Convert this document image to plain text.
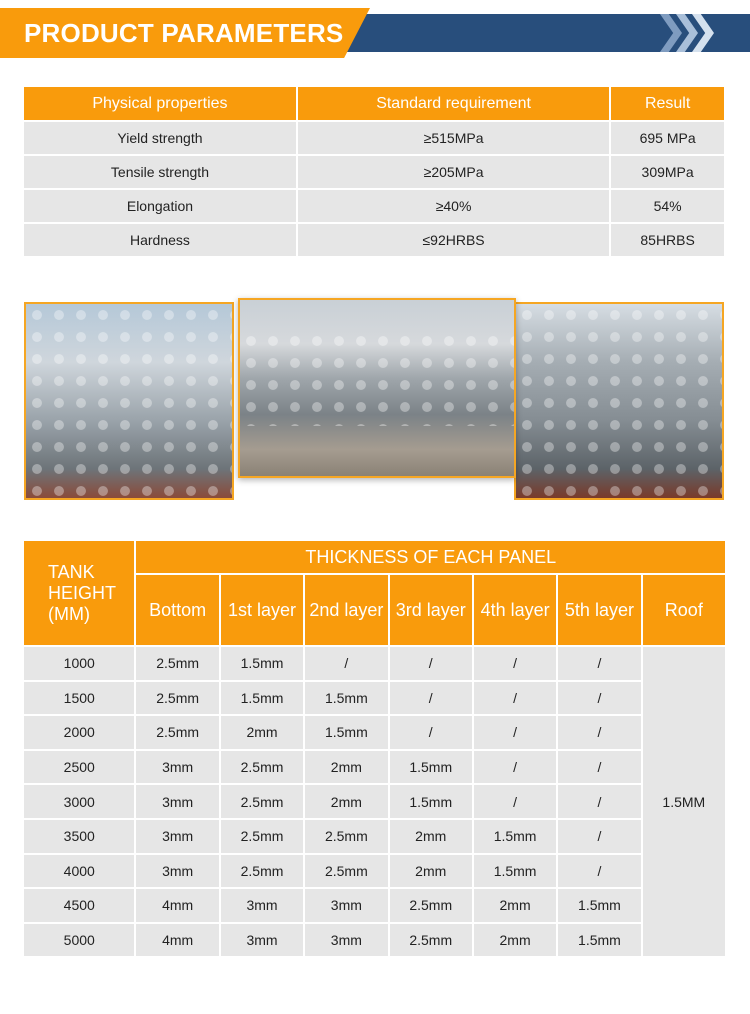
PRODUCT PARAMETERS
Physical properties	Standard requirement	Result
Yield strength	≥515MPa	695 MPa
Tensile strength	≥205MPa	309MPa
Elongation	≥40%	54%
Hardness	≤92HRBS	85HRBS
TANK HEIGHT (MM)	THICKNESS OF EACH PANEL						
	Bottom	1st layer	2nd layer	3rd layer	4th layer	5th layer	Roof
1000	2.5mm	1.5mm	/	/	/	/	1.5MM
1500	2.5mm	1.5mm	1.5mm	/	/	/	
2000	2.5mm	2mm	1.5mm	/	/	/	
2500	3mm	2.5mm	2mm	1.5mm	/	/	
3000	3mm	2.5mm	2mm	1.5mm	/	/	
3500	3mm	2.5mm	2.5mm	2mm	1.5mm	/	
4000	3mm	2.5mm	2.5mm	2mm	1.5mm	/	
4500	4mm	3mm	3mm	2.5mm	2mm	1.5mm	
5000	4mm	3mm	3mm	2.5mm	2mm	1.5mm	
